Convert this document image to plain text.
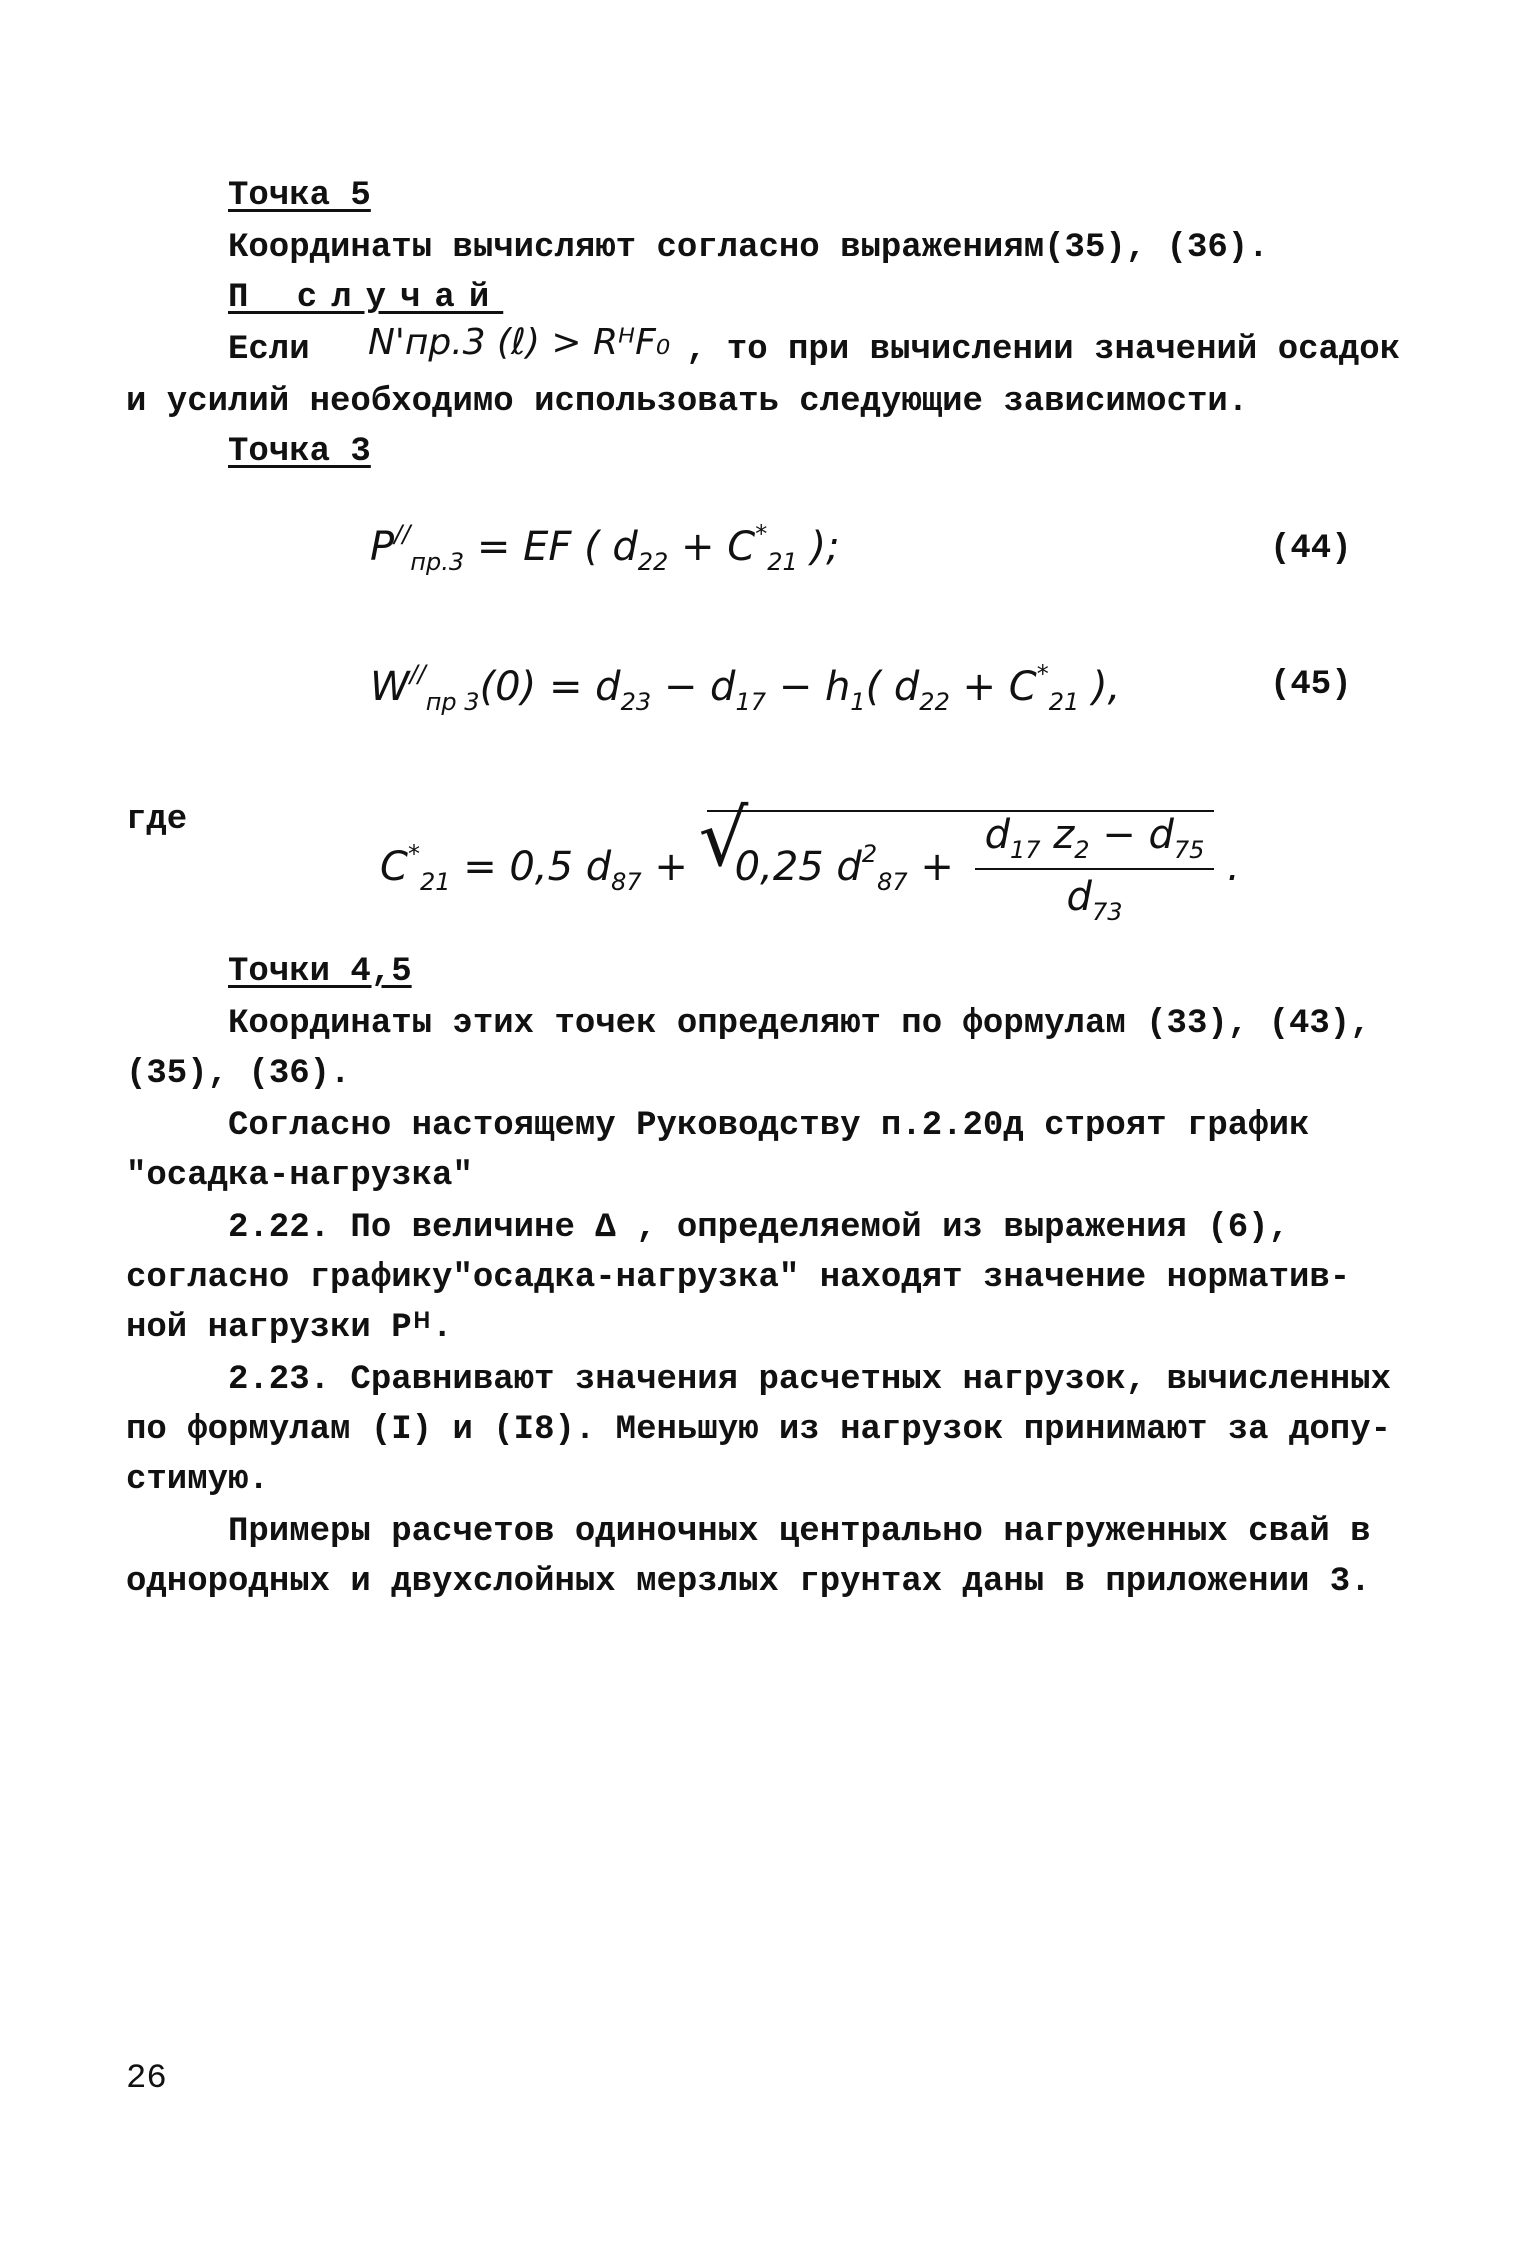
Точка 5
Координаты вычисляют согласно выражениям(35), (36).
П случай
Если N'пр.3 (ℓ) > RᴴF₀ , то при вычислении значений осадок
и усилий необходимо использовать следующие зависимости.
Точка 3
$P^{//}_{пр.3}$ = EF ( $d_{22} + C^*_{21}$ );	(44)
$W^{//}_{пр 3}(0) = d_{23} - d_{17} - h_1$( $d_{22} + C^*_{21}$ ),	(45)
где
$C^*_{21} = 0,5$ $d_{87}$ + √ 0,25 $d^2_{87} + \frac{d_{17} z_2 - d_{75}}{d_{73}}$ .
Точки 4,5
Координаты этих точек определяют по формулам (33), (43),
(35), (36).
Согласно настоящему Руководству п.2.20д строят график
"осадка-нагрузка"
2.22. По величине Δ , определяемой из выражения (6),
согласно графику"осадка-нагрузка" находят значение норматив-
ной нагрузки Pᴴ.
2.23. Сравнивают значения расчетных нагрузок, вычисленных
по формулам (I) и (I8). Меньшую из нагрузок принимают за допу-
стимую.
Примеры расчетов одиночных центрально нагруженных свай в
однородных и двухслойных мерзлых грунтах даны в приложении 3.
26
